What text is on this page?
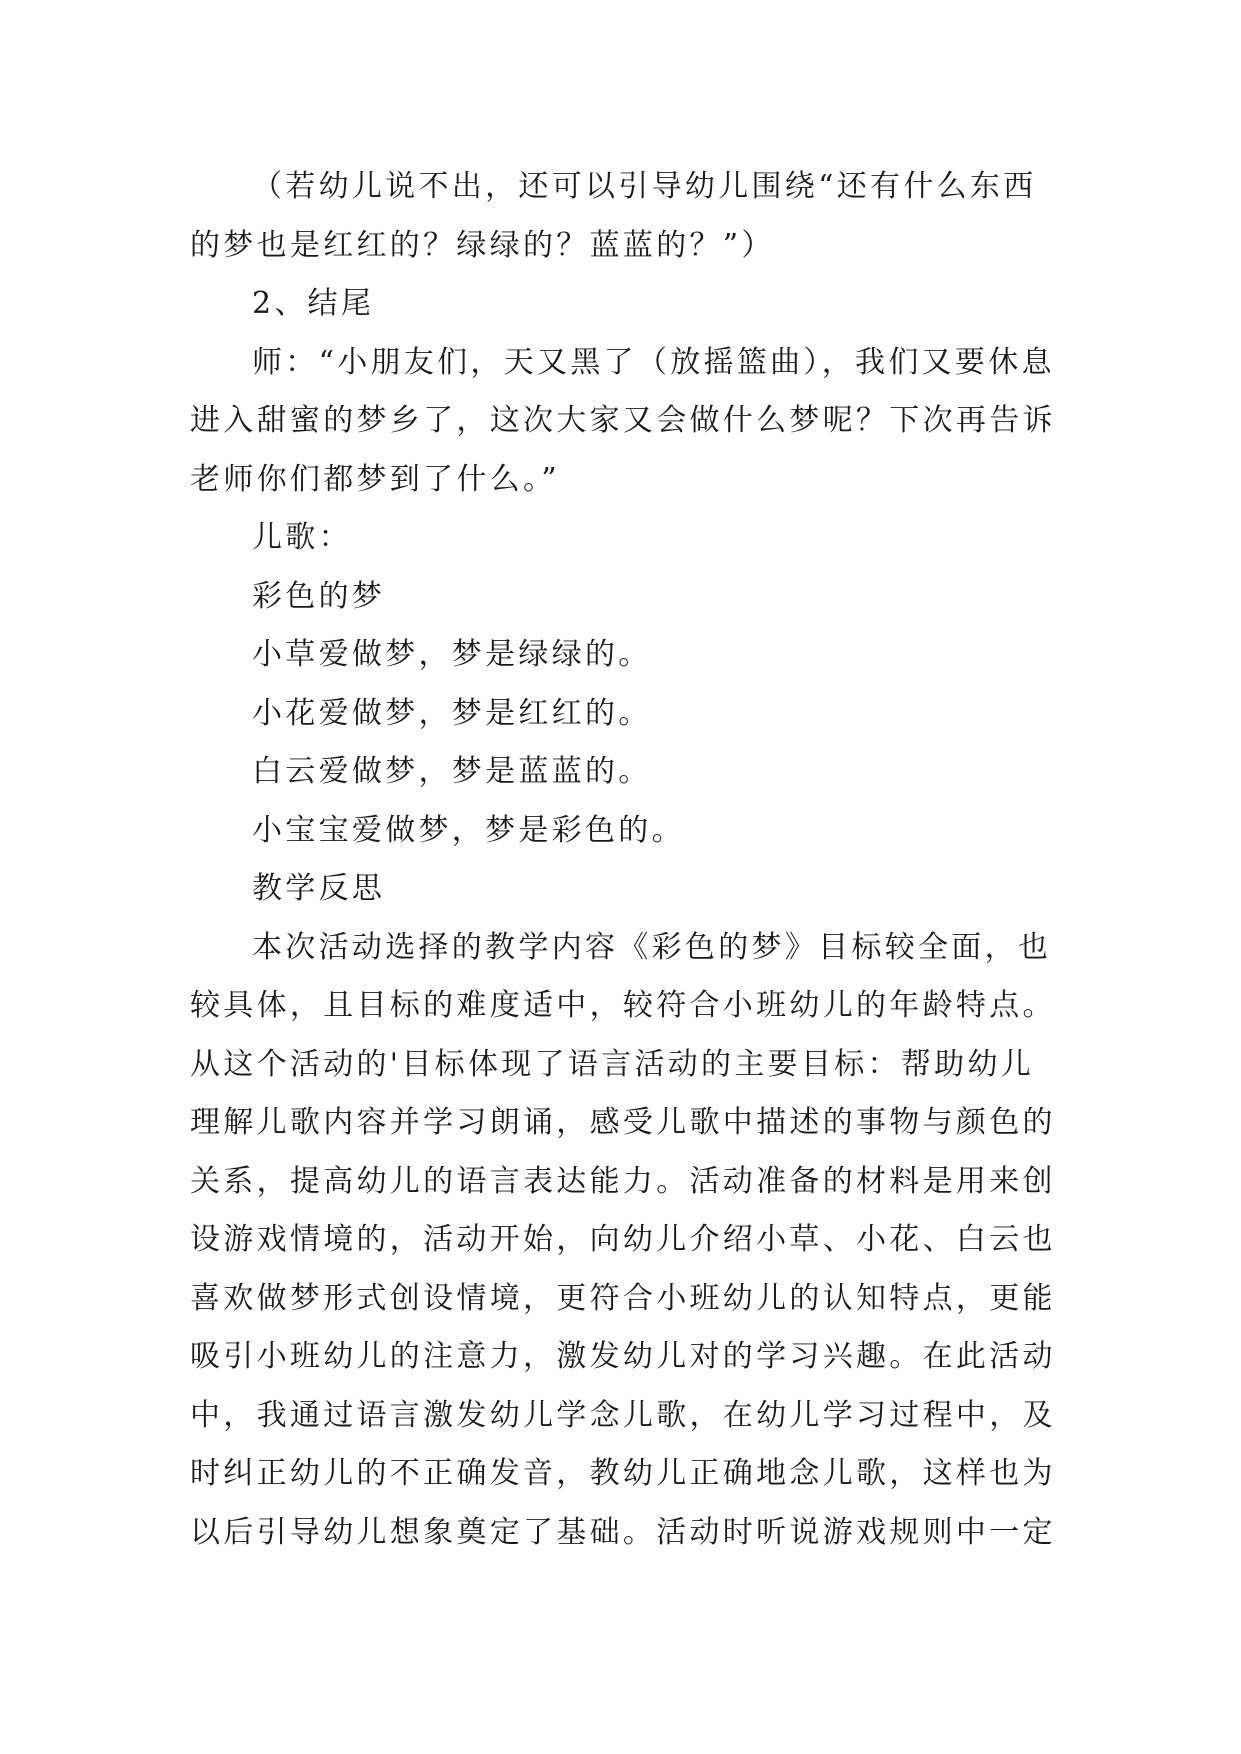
（若幼儿说不出，还可以引导幼儿围绕“还有什么东西
的梦也是红红的？绿绿的？蓝蓝的？”）
2、结尾
师：“小朋友们，天又黑了（放摇篮曲），我们又要休息
进入甜蜜的梦乡了，这次大家又会做什么梦呢？下次再告诉
老师你们都梦到了什么。”
儿歌：
彩色的梦
小草爱做梦，梦是绿绿的。
小花爱做梦，梦是红红的。
白云爱做梦，梦是蓝蓝的。
小宝宝爱做梦，梦是彩色的。
教学反思
本次活动选择的教学内容《彩色的梦》目标较全面，也
较具体，且目标的难度适中，较符合小班幼儿的年龄特点。
从这个活动的'目标体现了语言活动的主要目标：帮助幼儿
理解儿歌内容并学习朗诵，感受儿歌中描述的事物与颜色的
关系，提高幼儿的语言表达能力。活动准备的材料是用来创
设游戏情境的，活动开始，向幼儿介绍小草、小花、白云也
喜欢做梦形式创设情境，更符合小班幼儿的认知特点，更能
吸引小班幼儿的注意力，激发幼儿对的学习兴趣。在此活动
中，我通过语言激发幼儿学念儿歌，在幼儿学习过程中，及
时纠正幼儿的不正确发音，教幼儿正确地念儿歌，这样也为
以后引导幼儿想象奠定了基础。活动时听说游戏规则中一定
